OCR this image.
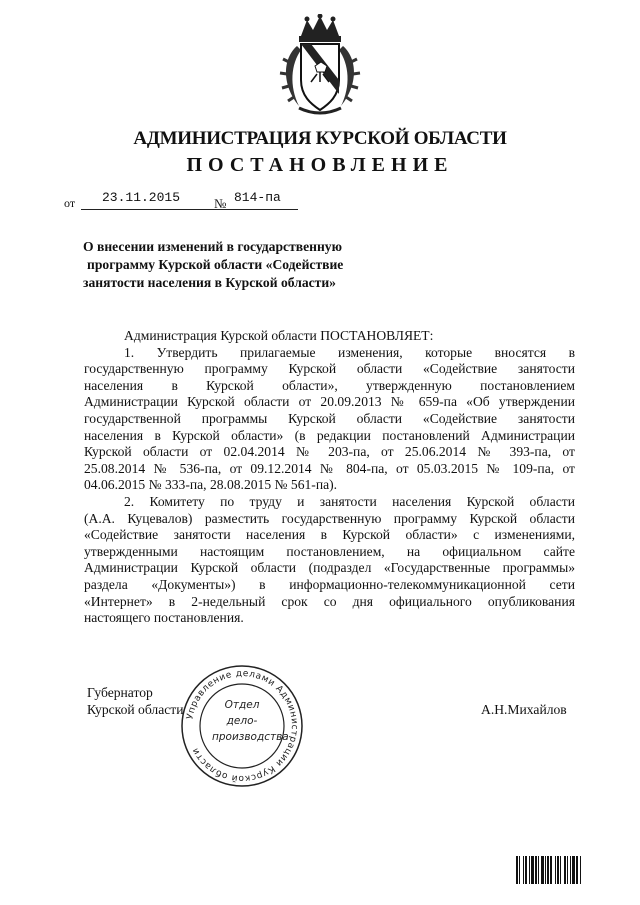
АДМИНИСТРАЦИЯ КУРСКОЙ ОБЛАСТИ
ПОСТАНОВЛЕНИЕ
от 23.11.2015	№ 814-па
О внесении изменений в государственную
программу Курской области «Содействие
занятости населения в Курской области»

Администрация Курской области ПОСТАНОВЛЯЕТ:

1. Утвердить прилагаемые изменения, которые вносятся в

государственную программу Курской области «Содействие занятости

населения в Курской области», утвержденную постановлением

Администрации Курской области от 20.09.2013 № 659-па «Об утверждении

государственной программы Курской области «Содействие занятости

населения в Курской области» (в редакции постановлений Администрации

Курской области от 02.04.2014 № 203-па, от 25.06.2014 № 393-па, от

25.08.2014 № 536-па, от 09.12.2014 № 804-па, от 05.03.2015 № 109-па, от

04.06.2015 № 333-па, 28.08.2015 № 561-па).

2. Комитету по труду и занятости населения Курской области

(А.А. Куцевалов) разместить государственную программу Курской области

«Содействие занятости населения в Курской области» с изменениями,

утвержденными настоящим постановлением, на официальном сайте

Администрации Курской области (подраздел «Государственные программы»

раздела «Документы») в информационно-телекоммуникационной сети

«Интернет» в 2-недельный срок со дня официального опубликования

настоящего постановления.

Губернатор
Курской области	А.Н.Михайлов
Управление делами Администрации Курской области
Отдел
дело-
производства
